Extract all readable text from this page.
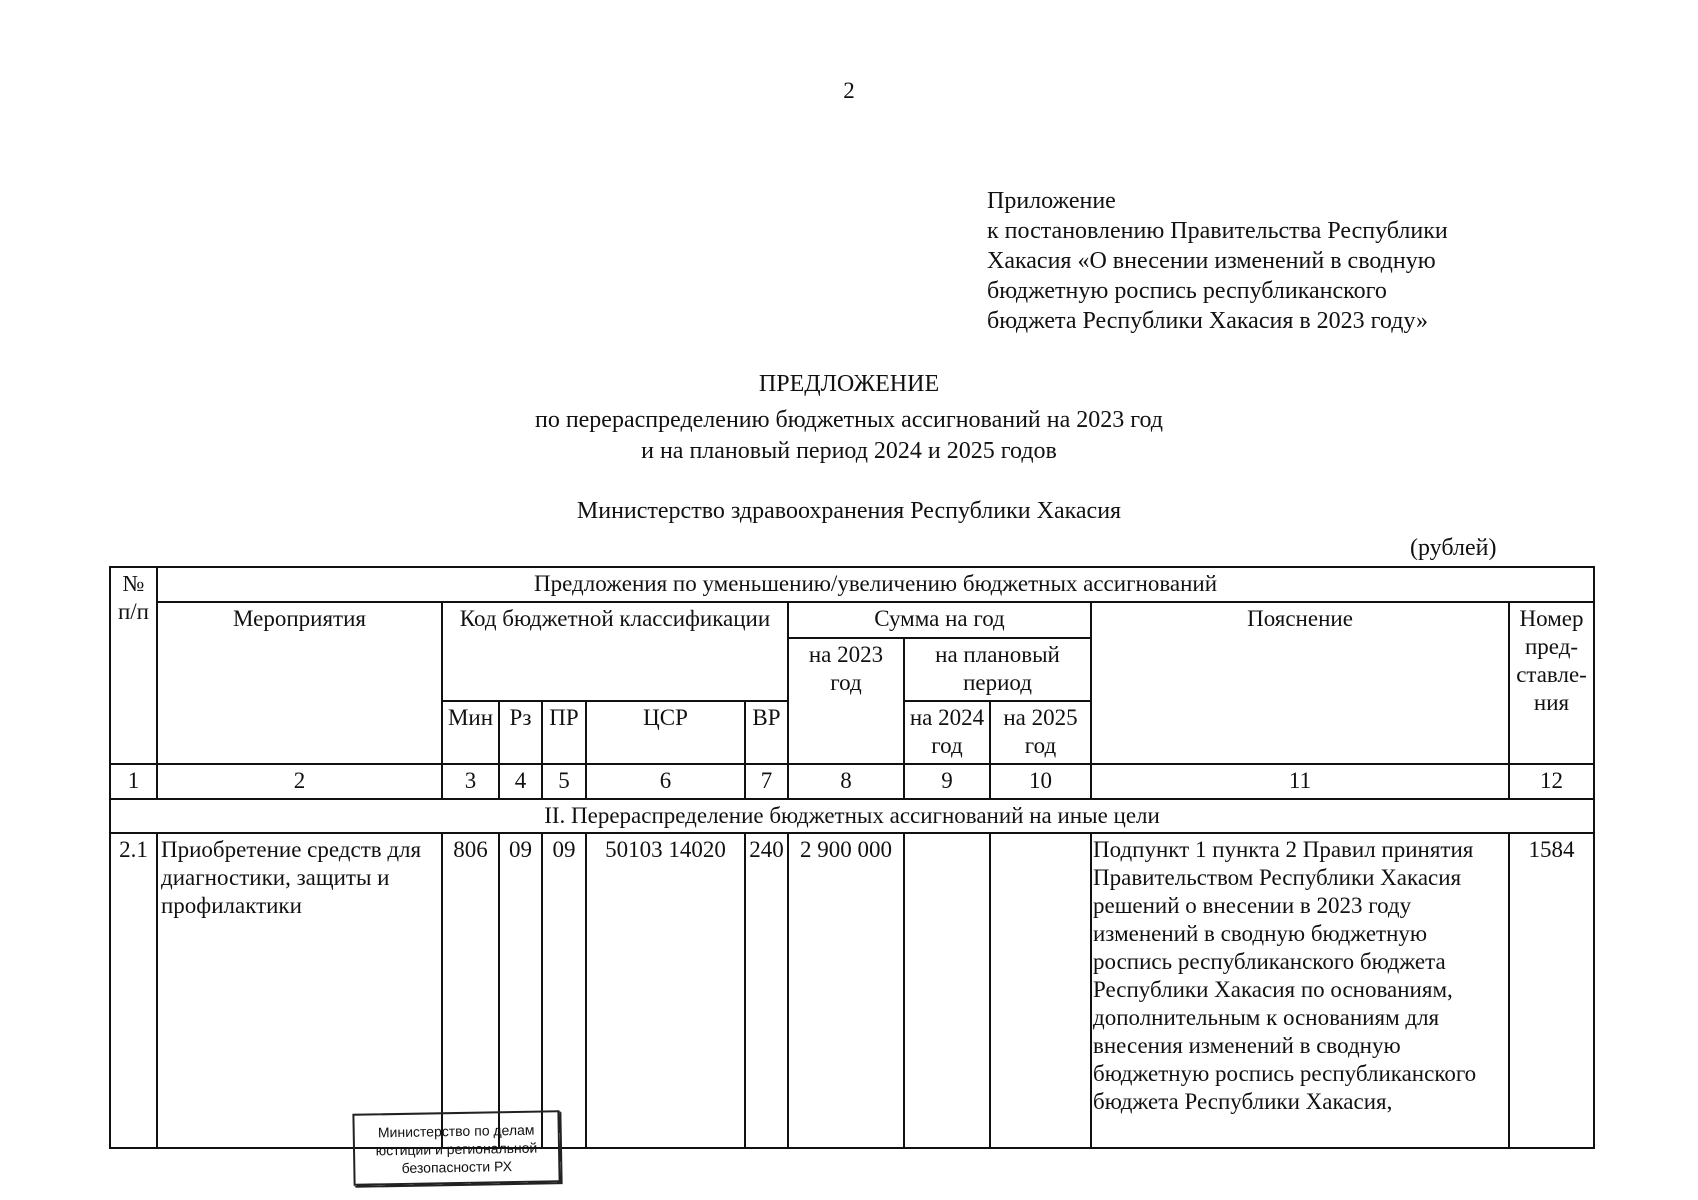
2
Приложение
к постановлению Правительства Республики
Хакасия «О внесении изменений в сводную
бюджетную роспись республиканского
бюджета Республики Хакасия в 2023 году»
ПРЕДЛОЖЕНИЕ
по перераспределению бюджетных ассигнований на 2023 год
и на плановый период 2024 и 2025 годов
Министерство здравоохранения Республики Хакасия
(рублей)
№ п/п	Предложения по уменьшению/увеличению бюджетных ассигнований										
	Мероприятия	Код бюджетной классификации					Сумма на год			Пояснение	Номер пред-ставле-ния
							на 2023 год	на плановый период			
		Мин	Рз	ПР	ЦСР	ВР		на 2024 год	на 2025 год		
1	2	3	4	5	6	7	8	9	10	11	12
II. Перераспределение бюджетных ассигнований на иные цели											
2.1	Приобретение средств для диагностики, защиты и профилактики	806	09	09	50103 14020	240	2 900 000			Подпункт 1 пункта 2 Правил принятия Правительством Республики Хакасия решений о внесении в 2023 году изменений в сводную бюджетную роспись республиканского бюджета Республики Хакасия по основаниям, дополнительным к основаниям для внесения изменений в сводную бюджетную роспись республиканского бюджета Республики Хакасия,	1584
Министерство по делам
юстиции и региональной
безопасности РХ
